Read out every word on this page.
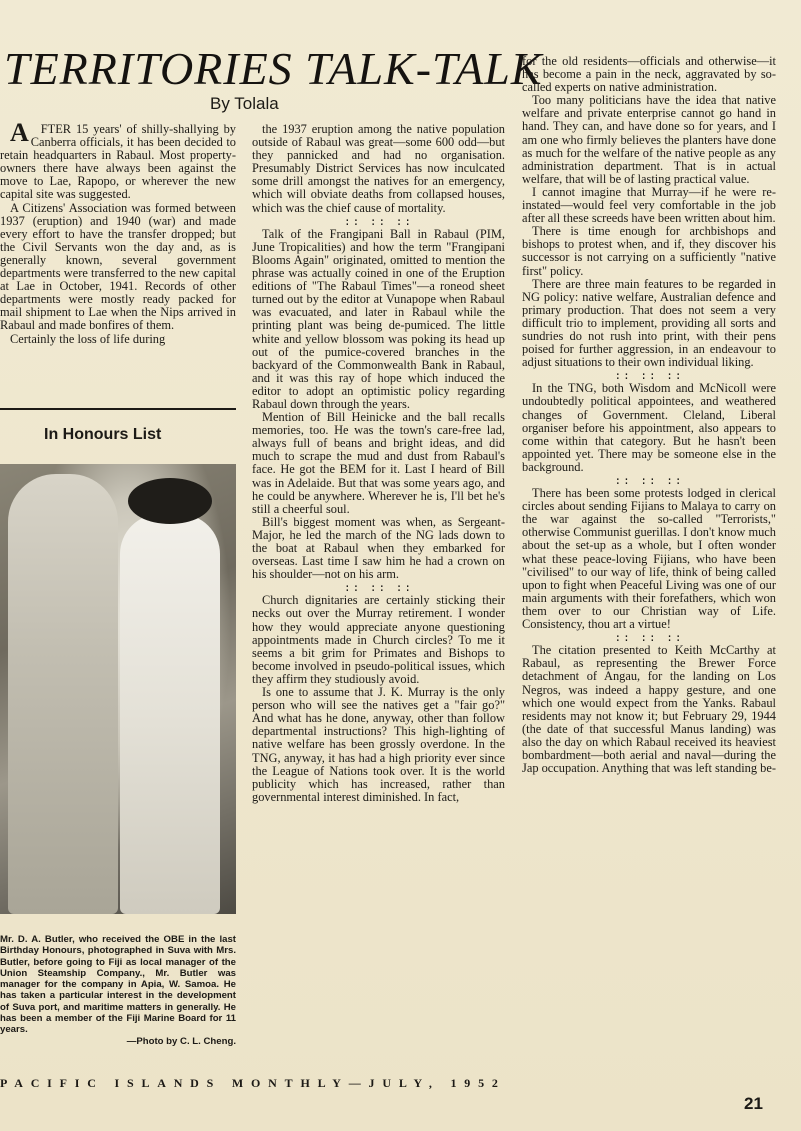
TERRITORIES TALK-TALK
By Tolala

AFTER 15 years' of shilly-shallying by Canberra officials, it has been decided to retain headquarters in Rabaul. Most property-owners there have always been against the move to Lae, Rapopo, or wherever the new capital site was suggested.

A Citizens' Association was formed between 1937 (eruption) and 1940 (war) and made every effort to have the transfer dropped; but the Civil Servants won the day and, as is generally known, several government departments were transferred to the new capital at Lae in October, 1941. Records of other departments were mostly ready packed for mail shipment to Lae when the Nips arrived in Rabaul and made bonfires of them.

Certainly the loss of life during

In Honours List
Mr. D. A. Butler, who received the OBE in the last Birthday Honours, photographed in Suva with Mrs. Butler, before going to Fiji as local manager of the Union Steamship Company., Mr. Butler was manager for the company in Apia, W. Samoa. He has taken a particular interest in the development of Suva port, and maritime matters in generally. He has been a member of the Fiji Marine Board for 11 years.
—Photo by C. L. Cheng.

the 1937 eruption among the native population outside of Rabaul was great—some 600 odd—but they pannicked and had no organisation. Presumably District Services has now inculcated some drill amongst the natives for an emergency, which will obviate deaths from collapsed houses, which was the chief cause of mortality.

:: :: ::

Talk of the Frangipani Ball in Rabaul (PIM, June Tropicalities) and how the term "Frangipani Blooms Again" originated, omitted to mention the phrase was actually coined in one of the Eruption editions of "The Rabaul Times"—a roneod sheet turned out by the editor at Vunapope when Rabaul was evacuated, and later in Rabaul while the printing plant was being de-pumiced. The little white and yellow blossom was poking its head up out of the pumice-covered branches in the backyard of the Commonwealth Bank in Rabaul, and it was this ray of hope which induced the editor to adopt an optimistic policy regarding Rabaul down through the years.

Mention of Bill Heinicke and the ball recalls memories, too. He was the town's care-free lad, always full of beans and bright ideas, and did much to scrape the mud and dust from Rabaul's face. He got the BEM for it. Last I heard of Bill was in Adelaide. But that was some years ago, and he could be anywhere. Wherever he is, I'll bet he's still a cheerful soul.

Bill's biggest moment was when, as Sergeant-Major, he led the march of the NG lads down to the boat at Rabaul when they embarked for overseas. Last time I saw him he had a crown on his shoulder—not on his arm.

:: :: ::

Church dignitaries are certainly sticking their necks out over the Murray retirement. I wonder how they would appreciate anyone questioning appointments made in Church circles? To me it seems a bit grim for Primates and Bishops to become involved in pseudo-political issues, which they affirm they studiously avoid.

Is one to assume that J. K. Murray is the only person who will see the natives get a "fair go?" And what has he done, anyway, other than follow departmental instructions? This high-lighting of native welfare has been grossly overdone. In the TNG, anyway, it has had a high priority ever since the League of Nations took over. It is the world publicity which has increased, rather than governmental interest diminished. In fact,

for the old residents—officials and otherwise—it has become a pain in the neck, aggravated by so-called experts on native administration.

Too many politicians have the idea that native welfare and private enterprise cannot go hand in hand. They can, and have done so for years, and I am one who firmly believes the planters have done as much for the welfare of the native people as any administration department. That is in actual welfare, that will be of lasting practical value.

I cannot imagine that Murray—if he were re-instated—would feel very comfortable in the job after all these screeds have been written about him.

There is time enough for archbishops and bishops to protest when, and if, they discover his successor is not carrying on a sufficiently "native first" policy.

There are three main features to be regarded in NG policy: native welfare, Australian defence and primary production. That does not seem a very difficult trio to implement, providing all sorts and sundries do not rush into print, with their pens poised for further aggression, in an endeavour to adjust situations to their own individual liking.

:: :: ::

In the TNG, both Wisdom and McNicoll were undoubtedly political appointees, and weathered changes of Government. Cleland, Liberal organiser before his appointment, also appears to come within that category. But he hasn't been appointed yet. There may be someone else in the background.

:: :: ::

There has been some protests lodged in clerical circles about sending Fijians to Malaya to carry on the war against the so-called "Terrorists," otherwise Communist guerillas. I don't know much about the set-up as a whole, but I often wonder what these peace-loving Fijians, who have been "civilised" to our way of life, think of being called upon to fight when Peaceful Living was one of our main arguments with their forefathers, which won them over to our Christian way of Life. Consistency, thou art a virtue!

:: :: ::

The citation presented to Keith McCarthy at Rabaul, as representing the Brewer Force detachment of Angau, for the landing on Los Negros, was indeed a happy gesture, and one which one would expect from the Yanks. Rabaul residents may not know it; but February 29, 1944 (the date of that successful Manus landing) was also the day on which Rabaul received its heaviest bombardment—both aerial and naval—during the Jap occupation. Anything that was left standing be-

PACIFIC ISLANDS MONTHLY—JULY, 1952
21
